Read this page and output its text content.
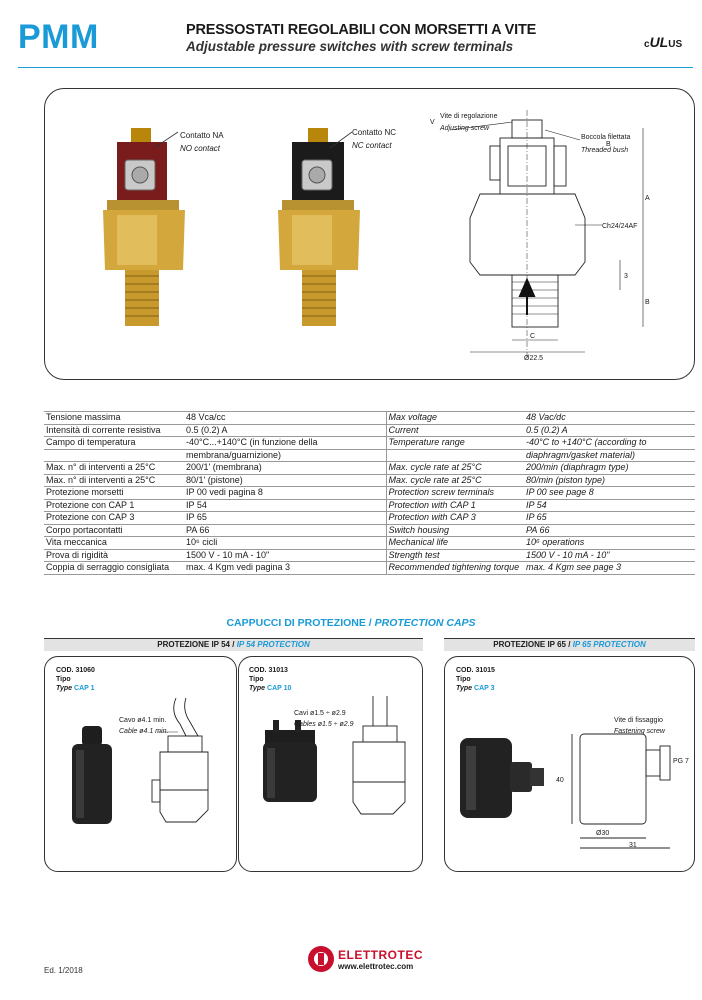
PMM	PRESSOSTATI REGOLABILI CON MORSETTI A VITE
Adjustable pressure switches with screw terminals	cULUS
Contatto NA
NO contact
Contatto NC
NC contact
Vite di regolazione
Adjusting screw
V
Boccola filettata
Threaded bush
B
A
Ch24/24AF
3
B
C
Ø22.5
Tensione massima	48 Vca/cc	Max voltage	48 Vac/dc
Intensità di corrente resistiva	0.5 (0.2) A	Current	0.5 (0.2) A
Campo di temperatura	-40°C...+140°C (in funzione della	Temperature range	-40°C to +140°C (according to
	membrana/guarnizione)		diaphragm/gasket material)
Max. n° di interventi a 25°C	200/1' (membrana)	Max. cycle rate at 25°C	200/min (diaphragm type)
Max. n° di interventi a 25°C	80/1' (pistone)	Max. cycle rate at 25°C	80/min (piston type)
Protezione morsetti	IP 00 vedi pagina 8	Protection screw terminals	IP 00 see page 8
Protezione con CAP 1	IP 54	Protection with CAP 1	IP 54
Protezione con CAP 3	IP 65	Protection with CAP 3	IP 65
Corpo portacontatti	PA 66	Switch housing	PA 66
Vita meccanica	10⁶ cicli	Mechanical life	10⁶ operations
Prova di rigidità	1500 V - 10 mA - 10"	Strength test	1500 V - 10 mA - 10"
Coppia di serraggio consigliata	max. 4 Kgm vedi pagina 3	Recommended tightening torque	max. 4 Kgm see page 3
CAPPUCCI DI PROTEZIONE / PROTECTION CAPS
PROTEZIONE IP 54 / IP 54 PROTECTION	PROTEZIONE IP 65 / IP 65 PROTECTION
COD. 31060
Tipo
Type CAP 1
Cavo ø4.1 min.
Cable ø4.1 min.
COD. 31013
Tipo
Type CAP 10
Cavi ø1.5 ÷ ø2.9
Cables ø1.5 ÷ ø2.9
COD. 31015
Tipo
Type CAP 3
Vite di fissaggio
Fastening screw
PG 7
40
Ø30
31
Ed. 1/2018
ELETTROTEC
www.elettrotec.com
